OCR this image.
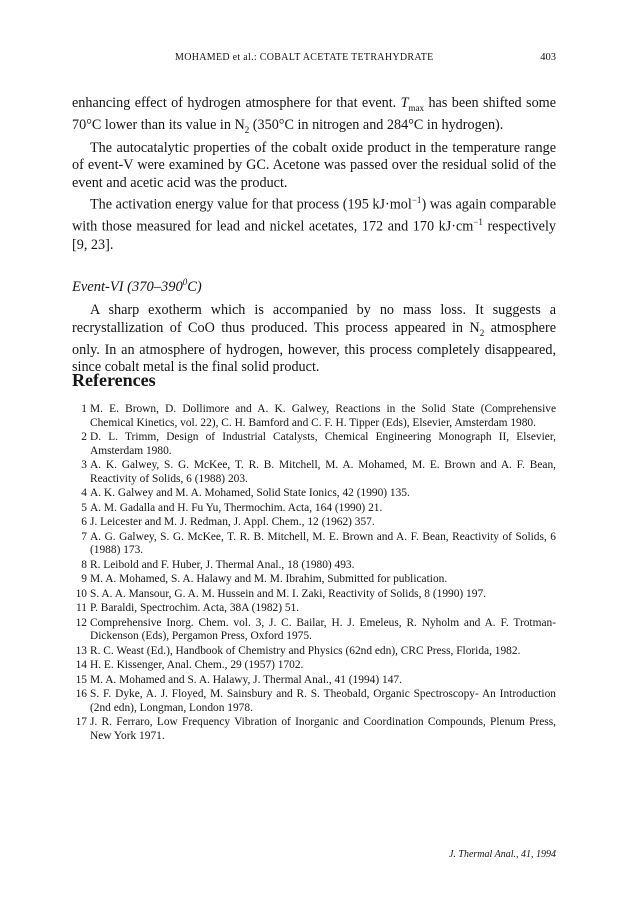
MOHAMED et al.: COBALT ACETATE TETRAHYDRATE	403

enhancing effect of hydrogen atmosphere for that event. $T_{max}$ has been shifted some 70°C lower than its value in $N_2$ (350°C in nitrogen and 284°C in hydrogen).

The autocatalytic properties of the cobalt oxide product in the temperature range of event-V were examined by GC. Acetone was passed over the residual solid of the event and acetic acid was the product.

The activation energy value for that process (195 kJ·mol$^{-1}$) was again comparable with those measured for lead and nickel acetates, 172 and 170 $kJ\cdot cm^{-1}$ respectively [9, 23].

Event-VI $(370-390^0C)$

A sharp exotherm which is accompanied by no mass loss. It suggests a recrystallization of CoO thus produced. This process appeared in $N_2$ atmosphere only. In an atmosphere of hydrogen, however, this process completely disappeared, since cobalt metal is the final solid product.

References
1 M. E. Brown, D. Dollimore and A. K. Galwey, Reactions in the Solid State (Comprehensive Chemical Kinetics, vol. 22), C. H. Bamford and C. F. H. Tipper (Eds), Elsevier, Amsterdam 1980.
2 D. L. Trimm, Design of Industrial Catalysts, Chemical Engineering Monograph II, Elsevier, Amsterdam 1980.
3 A. K. Galwey, S. G. McKee, T. R. B. Mitchell, M. A. Mohamed, M. E. Brown and A. F. Bean, Reactivity of Solids, 6 (1988) 203.
4 A. K. Galwey and M. A. Mohamed, Solid State Ionics, 42 (1990) 135.
5 A. M. Gadalla and H. Fu Yu, Thermochim. Acta, 164 (1990) 21.
6 J. Leicester and M. J. Redman, J. Appl. Chem., 12 (1962) 357.
7 A. G. Galwey, S. G. McKee, T. R. B. Mitchell, M. E. Brown and A. F. Bean, Reactivity of Solids, 6 (1988) 173.
8 R. Leibold and F. Huber, J. Thermal Anal., 18 (1980) 493.
9 M. A. Mohamed, S. A. Halawy and M. M. Ibrahim, Submitted for publication.
10 S. A. A. Mansour, G. A. M. Hussein and M. I. Zaki, Reactivity of Solids, 8 (1990) 197.
11 P. Baraldi, Spectrochim. Acta, 38A (1982) 51.
12 Comprehensive Inorg. Chem. vol. 3, J. C. Bailar, H. J. Emeleus, R. Nyholm and A. F. Trotman-Dickenson (Eds), Pergamon Press, Oxford 1975.
13 R. C. Weast (Ed.), Handbook of Chemistry and Physics (62nd edn), CRC Press, Florida, 1982.
14 H. E. Kissenger, Anal. Chem., 29 (1957) 1702.
15 M. A. Mohamed and S. A. Halawy, J. Thermal Anal., 41 (1994) 147.
16 S. F. Dyke, A. J. Floyed, M. Sainsbury and R. S. Theobald, Organic Spectroscopy- An Introduction (2nd edn), Longman, London 1978.
17 J. R. Ferraro, Low Frequency Vibration of Inorganic and Coordination Compounds, Plenum Press, New York 1971.
J. Thermal Anal., 41, 1994
